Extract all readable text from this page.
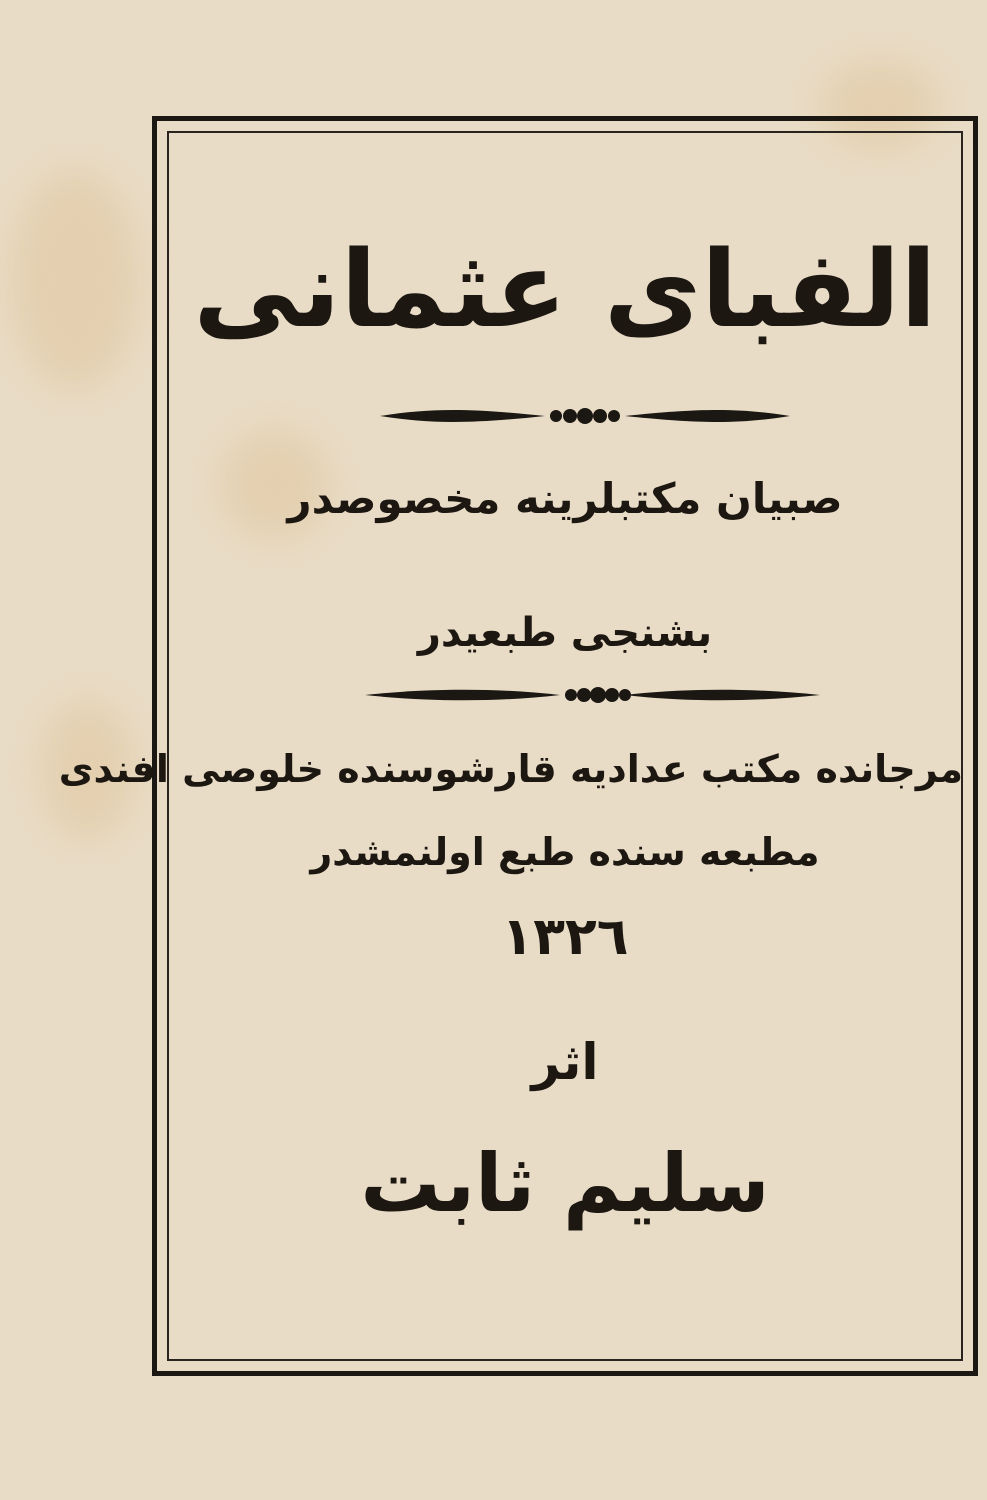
الفبای عثمانی
صبیان مکتبلرینه مخصوصدر
بشنجی طبعیدر
مرجانده مکتب عدادیه قارشوسنده خلوصی افندی
مطبعه سنده طبع اولنمشدر
١٣٢٦
اثر
سلیم ثابت
